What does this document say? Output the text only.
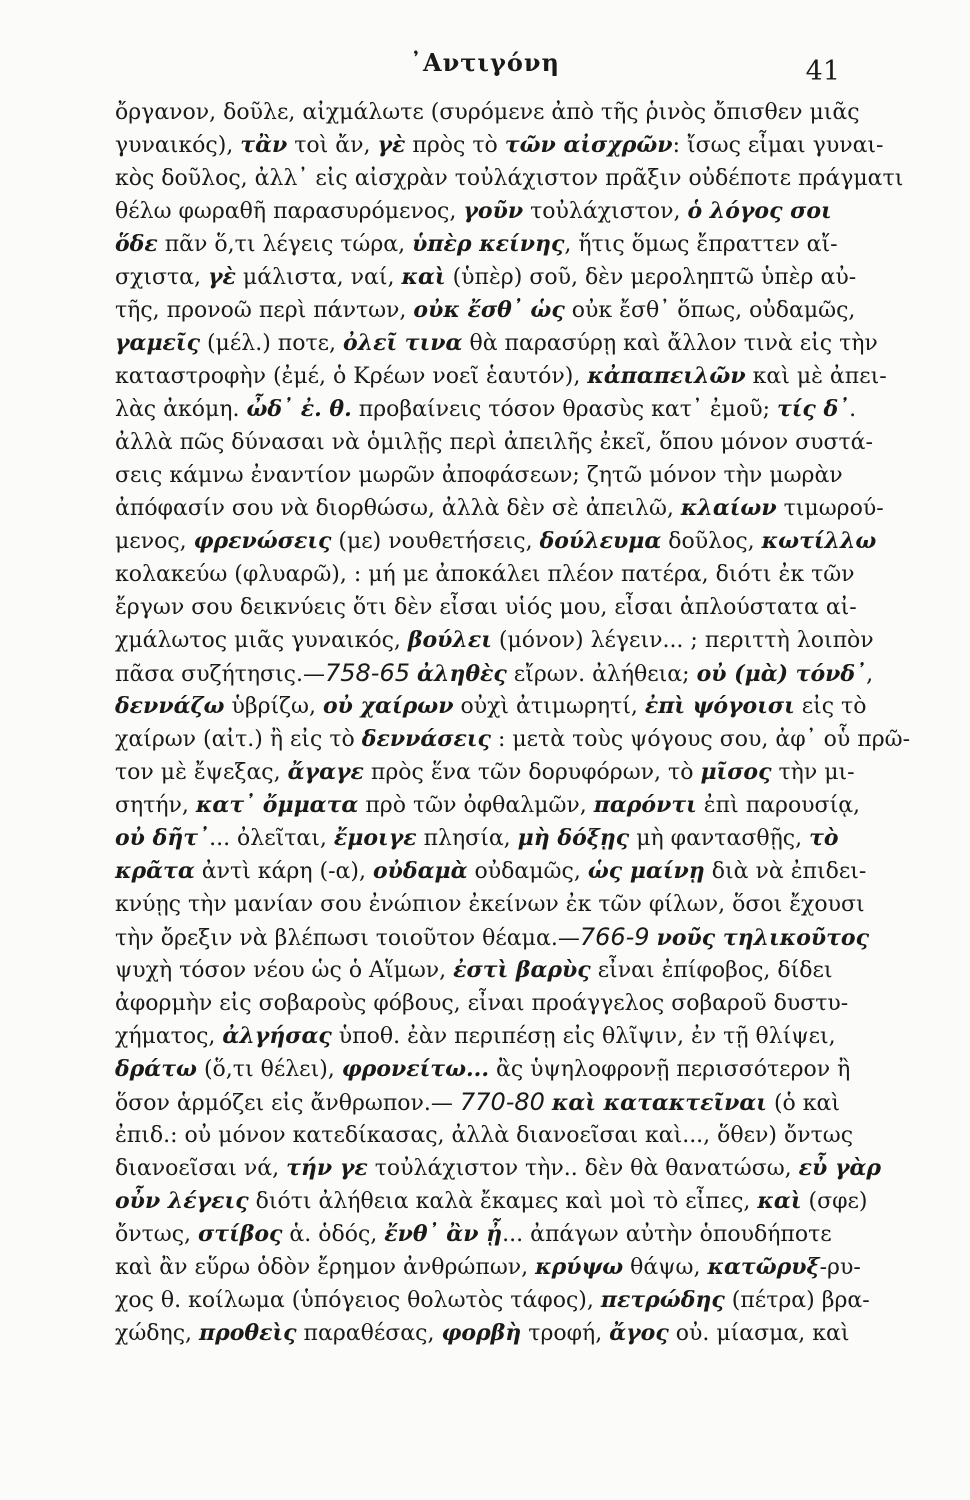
᾽Αντιγόνη	41
ὄργανον, δοῦλε, αἰχμάλωτε (συρόμενε ἀπὸ τῆς ῥινὸς ὄπισθεν μιᾶς
γυναικός), τἂν τοὶ ἄν, γὲ πρὸς τὸ τῶν αἰσχρῶν: ἴσως εἶμαι γυναι-
κὸς δοῦλος, ἀλλ᾽ εἰς αἰσχρὰν τοὐλάχιστον πρᾶξιν οὐδέποτε πράγματι
θέλω φωραθῆ παρασυρόμενος, γοῦν τοὐλάχιστον, ὁ λόγος σοι
ὅδε πᾶν ὅ,τι λέγεις τώρα, ὑπὲρ κείνης, ἥτις ὅμως ἔπραττεν αἴ-
σχιστα, γὲ μάλιστα, ναί, καὶ (ὑπὲρ) σοῦ, δὲν μεροληπτῶ ὑπὲρ αὐ-
τῆς, προνοῶ περὶ πάντων, οὐκ ἔσθ᾽ ὡς οὐκ ἔσθ᾽ ὅπως, οὐδαμῶς,
γαμεῖς (μέλ.) ποτε, ὀλεῖ τινα θὰ παρασύρῃ καὶ ἄλλον τινὰ εἰς τὴν
καταστροφὴν (ἐμέ, ὁ Κρέων νοεῖ ἑαυτόν), κἀπαπειλῶν καὶ μὲ ἀπει-
λὰς ἀκόμη. ὦδ᾽ ἐ. θ. προβαίνεις τόσον θρασὺς κατ᾽ ἐμοῦ; τίς δ᾽.
ἀλλὰ πῶς δύνασαι νὰ ὁμιλῇς περὶ ἀπειλῆς ἐκεῖ, ὅπου μόνον συστά-
σεις κάμνω ἐναντίον μωρῶν ἀποφάσεων; ζητῶ μόνον τὴν μωρὰν
ἀπόφασίν σου νὰ διορθώσω, ἀλλὰ δὲν σὲ ἀπειλῶ, κλαίων τιμωρού-
μενος, φρενώσεις (με) νουθετήσεις, δούλευμα δοῦλος, κωτίλλω
κολακεύω (φλυαρῶ), : μή με ἀποκάλει πλέον πατέρα, διότι ἐκ τῶν
ἔργων σου δεικνύεις ὅτι δὲν εἶσαι υἱός μου, εἶσαι ἁπλούστατα αἰ-
χμάλωτος μιᾶς γυναικός, βούλει (μόνον) λέγειν... ; περιττὴ λοιπὸν
πᾶσα συζήτησις.—758-65 ἀληθὲς εἴρων. ἀλήθεια; οὐ (μὰ) τόνδ᾽,
δεννάζω ὑβρίζω, οὐ χαίρων οὐχὶ ἀτιμωρητί, ἐπὶ ψόγοισι εἰς τὸ
χαίρων (αἰτ.) ἢ εἰς τὸ δεννάσεις : μετὰ τοὺς ψόγους σου, ἀφ᾽ οὗ πρῶ-
τον μὲ ἔψεξας, ἄγαγε πρὸς ἕνα τῶν δορυφόρων, τὸ μῖσος τὴν μι-
σητήν, κατ᾽ ὄμματα πρὸ τῶν ὀφθαλμῶν, παρόντι ἐπὶ παρουσίᾳ,
οὐ δῆτ᾽... ὀλεῖται, ἔμοιγε πλησία, μὴ δόξῃς μὴ φαντασθῇς, τὸ
κρᾶτα ἀντὶ κάρη (-α), οὐδαμὰ οὐδαμῶς, ὡς μαίνῃ διὰ νὰ ἐπιδει-
κνύῃς τὴν μανίαν σου ἐνώπιον ἐκείνων ἐκ τῶν φίλων, ὅσοι ἔχουσι
τὴν ὄρεξιν νὰ βλέπωσι τοιοῦτον θέαμα.—766-9 νοῦς τηλικοῦτος
ψυχὴ τόσον νέου ὡς ὁ Αἵμων, ἐστὶ βαρὺς εἶναι ἐπίφοβος, δίδει
ἀφορμὴν εἰς σοβαροὺς φόβους, εἶναι προάγγελος σοβαροῦ δυστυ-
χήματος, ἀλγήσας ὑποθ. ἐὰν περιπέσῃ εἰς θλῖψιν, ἐν τῇ θλίψει,
δράτω (ὅ,τι θέλει), φρονείτω... ἂς ὑψηλοφρονῇ περισσότερον ἢ
ὅσον ἁρμόζει εἰς ἄνθρωπον.— 770-80 καὶ κατακτεῖναι (ὁ καὶ
ἐπιδ.: οὐ μόνον κατεδίκασας, ἀλλὰ διανοεῖσαι καὶ..., ὅθεν) ὄντως
διανοεῖσαι νά, τήν γε τοὐλάχιστον τὴν.. δὲν θὰ θανατώσω, εὖ γὰρ
οὖν λέγεις διότι ἀλήθεια καλὰ ἔκαμες καὶ μοὶ τὸ εἶπες, καὶ (σφε)
ὄντως, στίβος ἁ. ὁδός, ἔνθ᾽ ἂν ᾖ... ἀπάγων αὐτὴν ὁπουδήποτε
καὶ ἂν εὕρω ὁδὸν ἔρημον ἀνθρώπων, κρύψω θάψω, κατῶρυξ-ρυ-
χος θ. κοίλωμα (ὑπόγειος θολωτὸς τάφος), πετρώδης (πέτρα) βρα-
χώδης, προθεὶς παραθέσας, φορβὴ τροφή, ἄγος οὐ. μίασμα, καὶ
